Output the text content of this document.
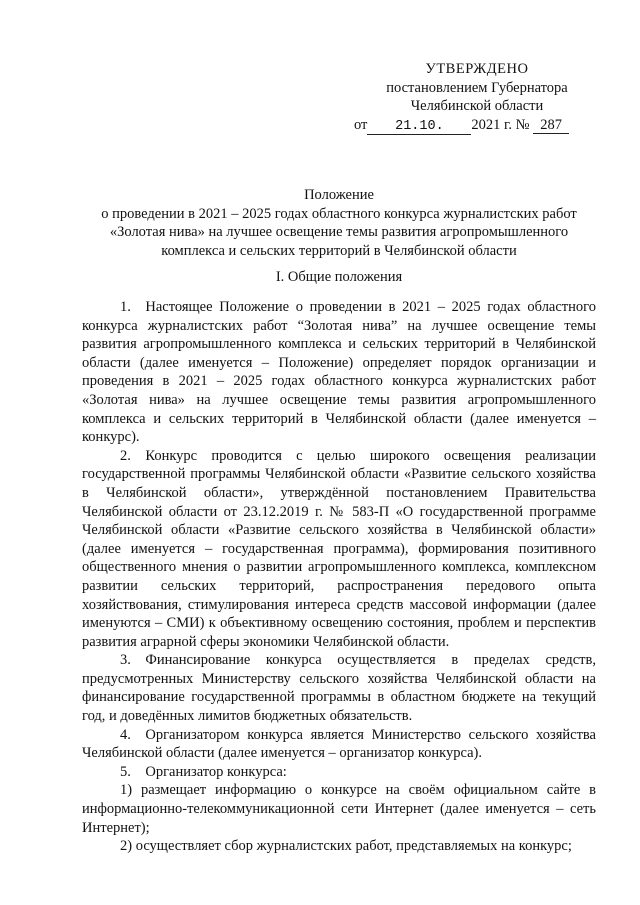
УТВЕРЖДЕНО
постановлением Губернатора
Челябинской области
от 21.10. 2021 г. № 287
Положение
о проведении в 2021 – 2025 годах областного конкурса журналистских работ «Золотая нива» на лучшее освещение темы развития агропромышленного комплекса и сельских территорий в Челябинской области
I. Общие положения

1. Настоящее Положение о проведении в 2021 – 2025 годах областного конкурса журналистских работ “Золотая нива” на лучшее освещение темы развития агропромышленного комплекса и сельских территорий в Челябинской области (далее именуется – Положение) определяет порядок организации и проведения в 2021 – 2025 годах областного конкурса журналистских работ «Золотая нива» на лучшее освещение темы развития агропромышленного комплекса и сельских территорий в Челябинской области (далее именуется – конкурс).

2. Конкурс проводится с целью широкого освещения реализации государственной программы Челябинской области «Развитие сельского хозяйства в Челябинской области», утверждённой постановлением Правительства Челябинской области от 23.12.2019 г. № 583-П «О государственной программе Челябинской области «Развитие сельского хозяйства в Челябинской области» (далее именуется – государственная программа), формирования позитивного общественного мнения о развитии агропромышленного комплекса, комплексном развитии сельских территорий, распространения передового опыта хозяйствования, стимулирования интереса средств массовой информации (далее именуются – СМИ) к объективному освещению состояния, проблем и перспектив развития аграрной сферы экономики Челябинской области.

3. Финансирование конкурса осуществляется в пределах средств, предусмотренных Министерству сельского хозяйства Челябинской области на финансирование государственной программы в областном бюджете на текущий год, и доведённых лимитов бюджетных обязательств.

4. Организатором конкурса является Министерство сельского хозяйства Челябинской области (далее именуется – организатор конкурса).

5. Организатор конкурса:

1) размещает информацию о конкурсе на своём официальном сайте в информационно-телекоммуникационной сети Интернет (далее именуется – сеть Интернет);

2) осуществляет сбор журналистских работ, представляемых на конкурс;
